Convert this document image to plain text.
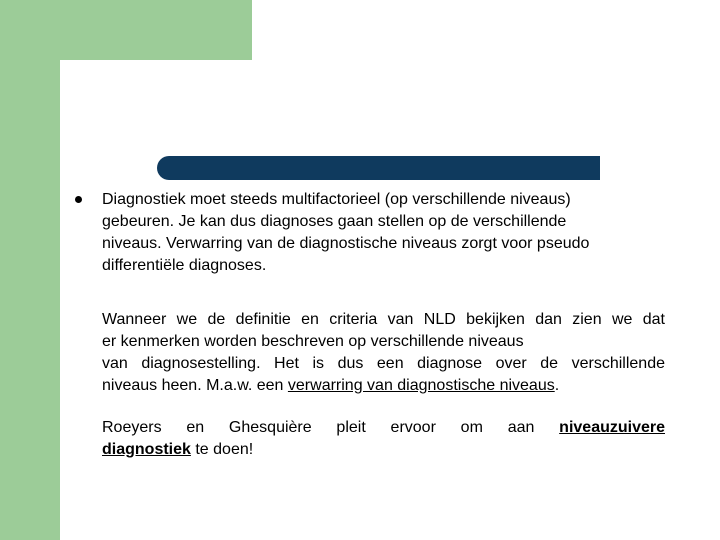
Diagnostiek moet steeds multifactorieel (op verschillende niveaus)
gebeuren. Je kan dus diagnoses gaan stellen op de verschillende
niveaus. Verwarring van de diagnostische niveaus zorgt voor pseudo
differentiële diagnoses.
Wanneer we de definitie en criteria van NLD bekijken dan zien we dat
er kenmerken worden beschreven op verschillende niveaus
van diagnosestelling. Het is dus een diagnose over de verschillende
niveaus heen. M.a.w. een verwarring van diagnostische niveaus.
Roeyers en Ghesquière pleit ervoor om aan niveauzuivere
diagnostiek te doen!
